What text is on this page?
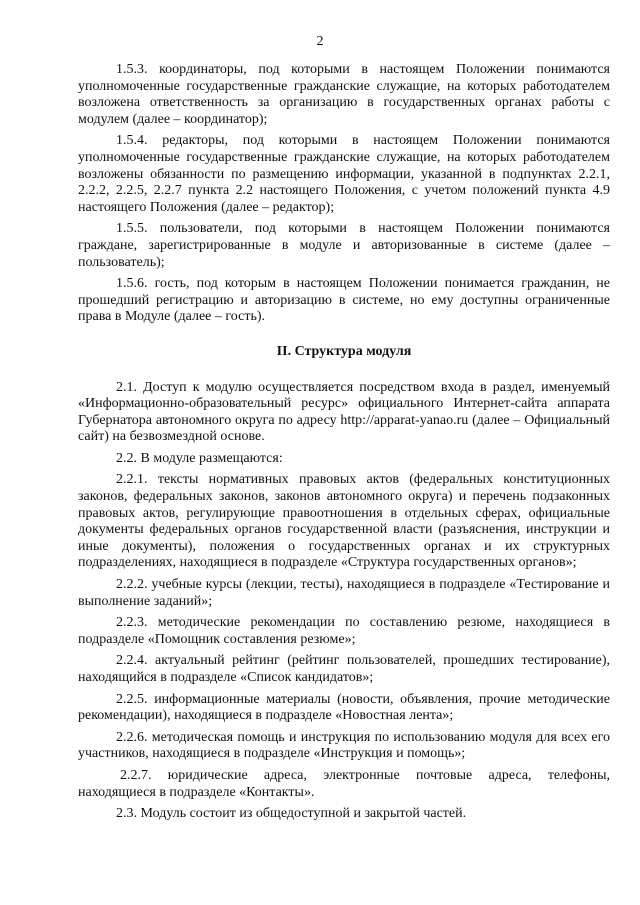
2

1.5.3. координаторы, под которыми в настоящем Положении понимаются уполномоченные государственные гражданские служащие, на которых работодателем возложена ответственность за организацию в государственных органах работы с модулем (далее – координатор);

1.5.4. редакторы, под которыми в настоящем Положении понимаются уполномоченные государственные гражданские служащие, на которых работодателем возложены обязанности по размещению информации, указанной в подпунктах 2.2.1, 2.2.2, 2.2.5, 2.2.7 пункта 2.2 настоящего Положения, с учетом положений пункта 4.9 настоящего Положения (далее – редактор);

1.5.5. пользователи, под которыми в настоящем Положении понимаются граждане, зарегистрированные в модуле и авторизованные в системе (далее – пользователь);

1.5.6. гость, под которым в настоящем Положении понимается гражданин, не прошедший регистрацию и авторизацию в системе, но ему доступны ограниченные права в Модуле (далее – гость).

II. Структура модуля

2.1. Доступ к модулю осуществляется посредством входа в раздел, именуемый «Информационно-образовательный ресурс» официального Интернет-сайта аппарата Губернатора автономного округа по адресу http://apparat-yanao.ru (далее – Официальный сайт) на безвозмездной основе.

2.2. В модуле размещаются:

2.2.1. тексты нормативных правовых актов (федеральных конституционных законов, федеральных законов, законов автономного округа) и перечень подзаконных правовых актов, регулирующие правоотношения в отдельных сферах, официальные документы федеральных органов государственной власти (разъяснения, инструкции и иные документы), положения о государственных органах и их структурных подразделениях, находящиеся в подразделе «Структура государственных органов»;

2.2.2. учебные курсы (лекции, тесты), находящиеся в подразделе «Тестирование и выполнение заданий»;

2.2.3. методические рекомендации по составлению резюме, находящиеся в подразделе «Помощник составления резюме»;

2.2.4. актуальный рейтинг (рейтинг пользователей, прошедших тестирование), находящийся в подразделе «Список кандидатов»;

2.2.5. информационные материалы (новости, объявления, прочие методические рекомендации), находящиеся в подразделе «Новостная лента»;

2.2.6. методическая помощь и инструкция по использованию модуля для всех его участников, находящиеся в подразделе «Инструкция и помощь»;

2.2.7. юридические адреса, электронные почтовые адреса, телефоны, находящиеся в подразделе «Контакты».

2.3. Модуль состоит из общедоступной и закрытой частей.
